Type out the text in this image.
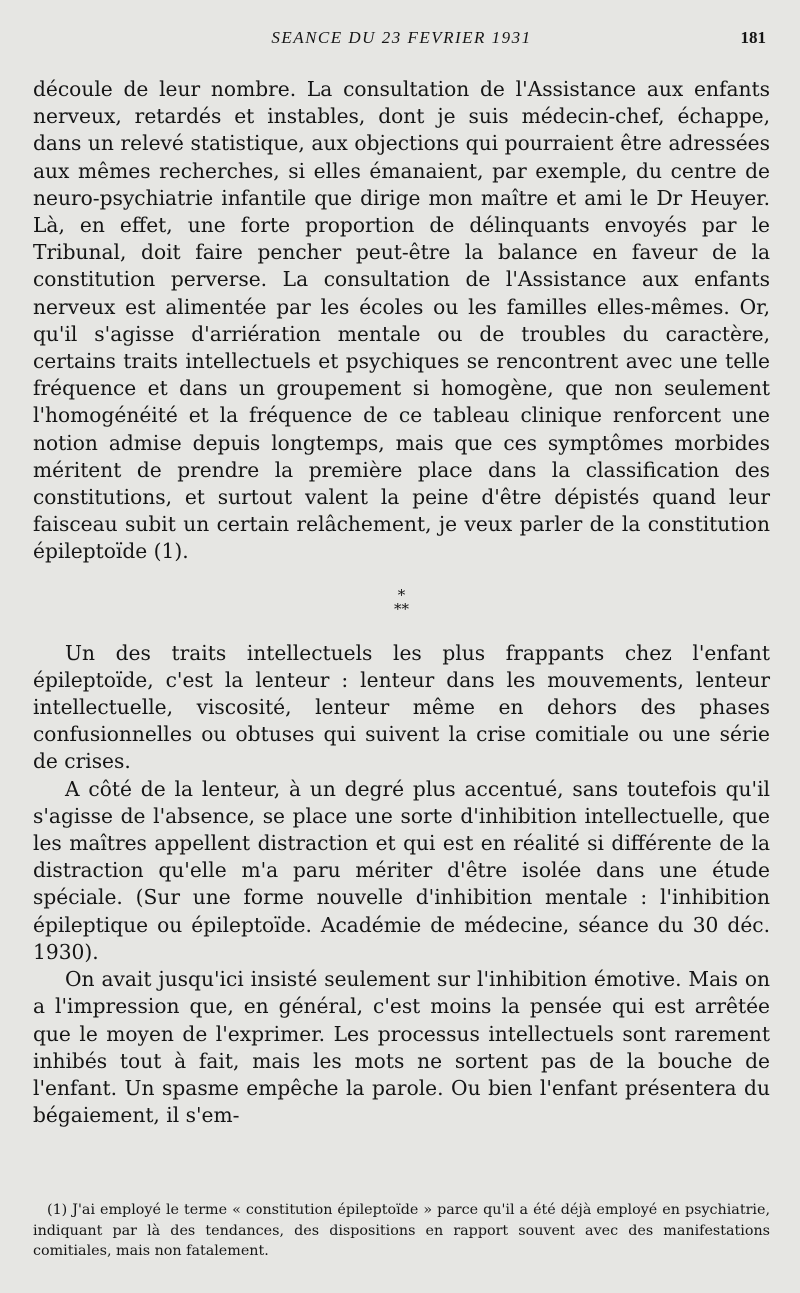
SEANCE DU 23 FEVRIER 1931	181

découle de leur nombre. La consultation de l'Assistance aux enfants nerveux, retardés et instables, dont je suis médecin-chef, échappe, dans un relevé statistique, aux objections qui pourraient être adressées aux mêmes recherches, si elles émanaient, par exemple, du centre de neuro-psychiatrie infantile que dirige mon maître et ami le Dr Heuyer. Là, en effet, une forte proportion de délinquants envoyés par le Tribunal, doit faire pencher peut-être la balance en faveur de la constitution perverse. La consultation de l'Assistance aux enfants nerveux est alimentée par les écoles ou les familles elles-mêmes. Or, qu'il s'agisse d'arriération mentale ou de troubles du caractère, certains traits intellectuels et psychiques se rencontrent avec une telle fréquence et dans un groupement si homogène, que non seulement l'homogénéité et la fréquence de ce tableau clinique renforcent une notion admise depuis longtemps, mais que ces symptômes morbides méritent de prendre la première place dans la classification des constitutions, et surtout valent la peine d'être dépistés quand leur faisceau subit un certain relâchement, je veux parler de la constitution épileptoïde (1).

*
**

Un des traits intellectuels les plus frappants chez l'enfant épileptoïde, c'est la lenteur : lenteur dans les mouvements, lenteur intellectuelle, viscosité, lenteur même en dehors des phases confusionnelles ou obtuses qui suivent la crise comitiale ou une série de crises.

A côté de la lenteur, à un degré plus accentué, sans toutefois qu'il s'agisse de l'absence, se place une sorte d'inhibition intellectuelle, que les maîtres appellent distraction et qui est en réalité si différente de la distraction qu'elle m'a paru mériter d'être isolée dans une étude spéciale. (Sur une forme nouvelle d'inhibition mentale : l'inhibition épileptique ou épileptoïde. Académie de médecine, séance du 30 déc. 1930).

On avait jusqu'ici insisté seulement sur l'inhibition émotive. Mais on a l'impression que, en général, c'est moins la pensée qui est arrêtée que le moyen de l'exprimer. Les processus intellectuels sont rarement inhibés tout à fait, mais les mots ne sortent pas de la bouche de l'enfant. Un spasme empêche la parole. Ou bien l'enfant présentera du bégaiement, il s'em-

(1) J'ai employé le terme « constitution épileptoïde » parce qu'il a été déjà employé en psychiatrie, indiquant par là des tendances, des dispositions en rapport souvent avec des manifestations comitiales, mais non fatalement.
